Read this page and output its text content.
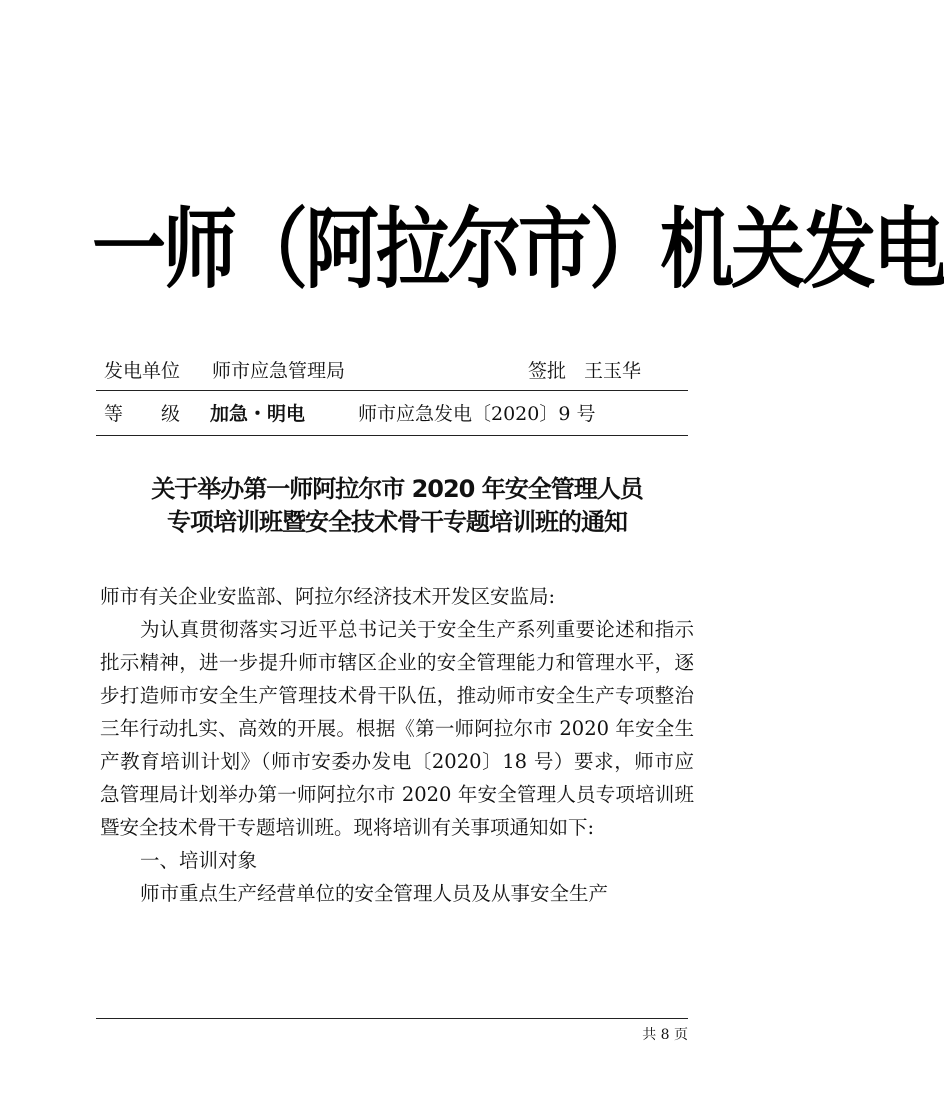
一师（阿拉尔市）机关发电
发电单位 师市应急管理局	签批 王玉华
等　　级 加急・明电	师市应急发电〔2020〕9 号
关于举办第一师阿拉尔市 2020 年安全管理人员
专项培训班暨安全技术骨干专题培训班的通知

师市有关企业安监部、阿拉尔经济技术开发区安监局:

为认真贯彻落实习近平总书记关于安全生产系列重要论述和指示批示精神，进一步提升师市辖区企业的安全管理能力和管理水平，逐步打造师市安全生产管理技术骨干队伍，推动师市安全生产专项整治三年行动扎实、高效的开展。根据《第一师阿拉尔市 2020 年安全生产教育培训计划》（师市安委办发电〔2020〕18 号）要求，师市应急管理局计划举办第一师阿拉尔市 2020 年安全管理人员专项培训班暨安全技术骨干专题培训班。现将培训有关事项通知如下:

一、培训对象

师市重点生产经营单位的安全管理人员及从事安全生产

共 8 页
